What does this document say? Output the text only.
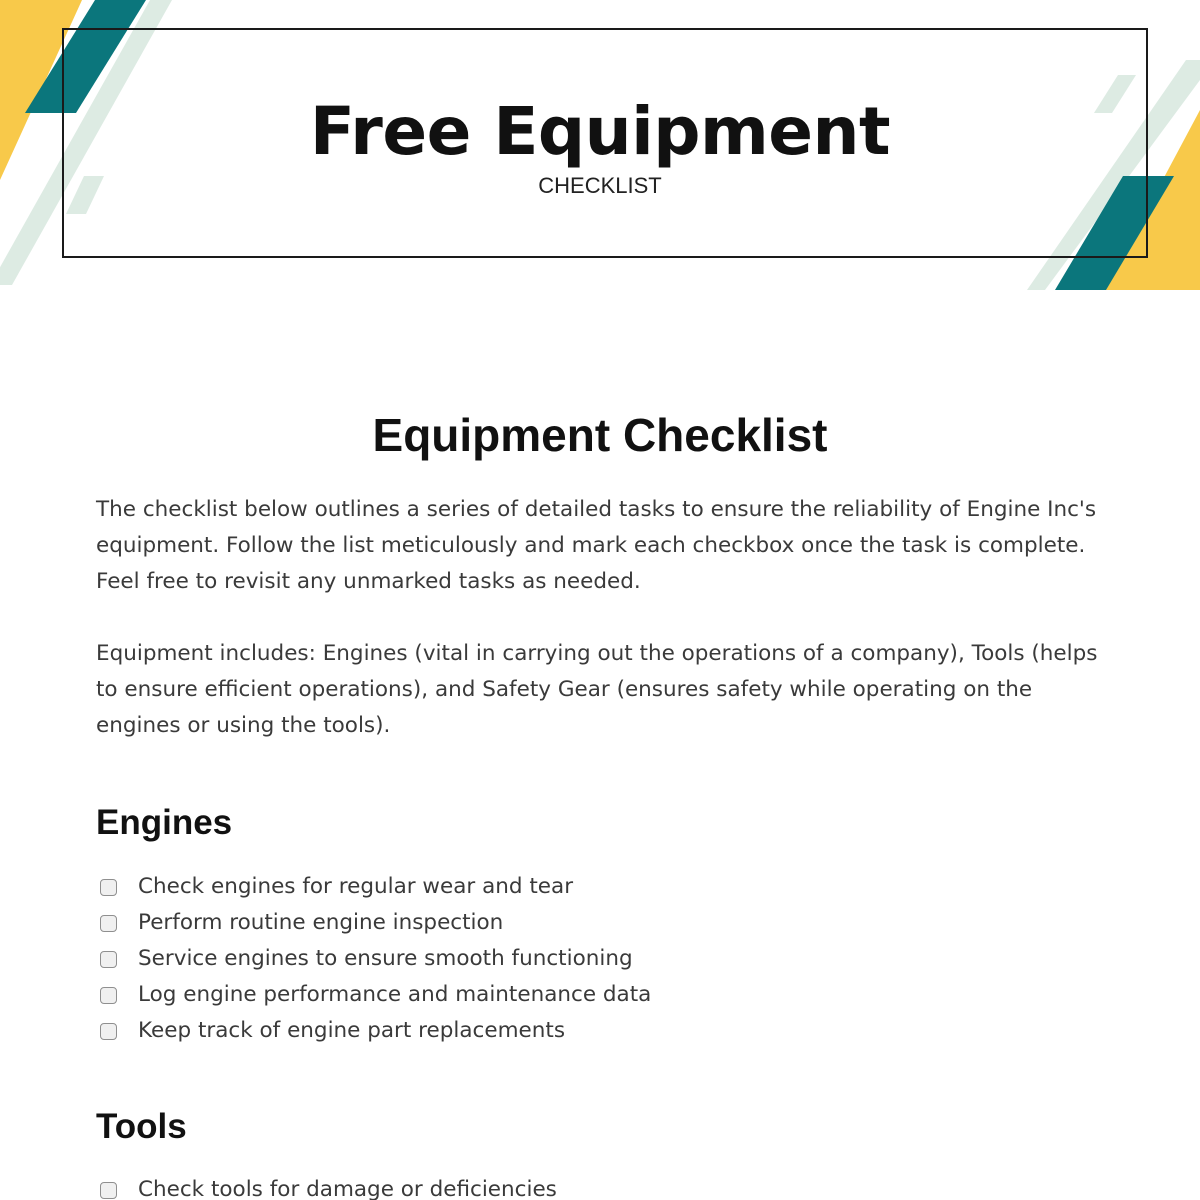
Free Equipment
CHECKLIST
Equipment Checklist

The checklist below outlines a series of detailed tasks to ensure the reliability of Engine Inc's equipment. Follow the list meticulously and mark each checkbox once the task is complete. Feel free to revisit any unmarked tasks as needed.

Equipment includes: Engines (vital in carrying out the operations of a company), Tools (helps to ensure efficient operations), and Safety Gear (ensures safety while operating on the engines or using the tools).

Engines
Check engines for regular wear and tear
Perform routine engine inspection
Service engines to ensure smooth functioning
Log engine performance and maintenance data
Keep track of engine part replacements
Tools
Check tools for damage or deficiencies
